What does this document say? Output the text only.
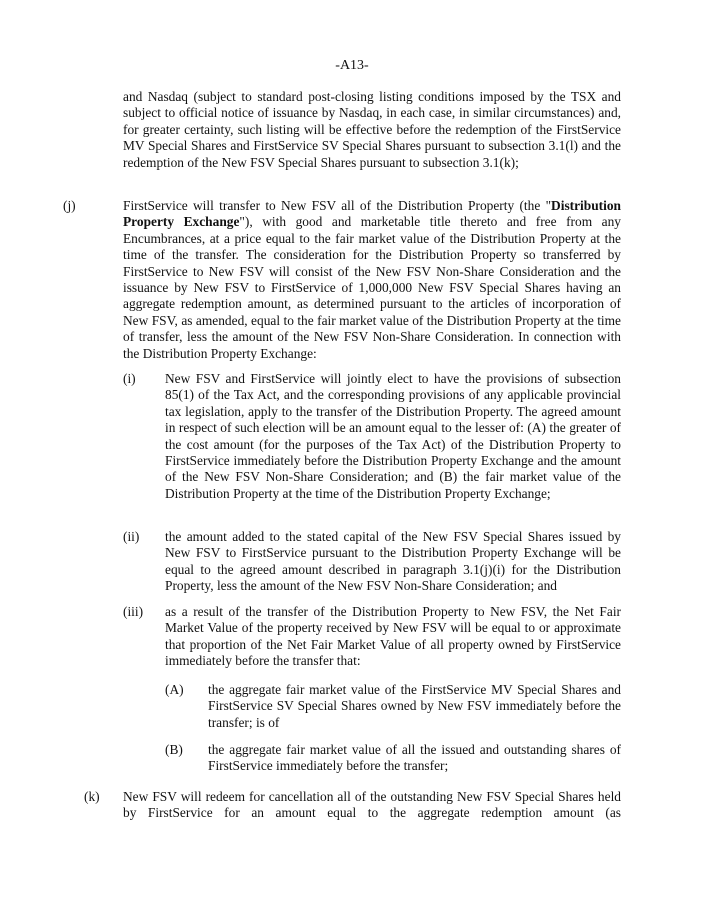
-A13-
and Nasdaq (subject to standard post-closing listing conditions imposed by the TSX and subject to official notice of issuance by Nasdaq, in each case, in similar circumstances) and, for greater certainty, such listing will be effective before the redemption of the FirstService MV Special Shares and FirstService SV Special Shares pursuant to subsection 3.1(l) and the redemption of the New FSV Special Shares pursuant to subsection 3.1(k);
(j)	FirstService will transfer to New FSV all of the Distribution Property (the "Distribution Property Exchange"), with good and marketable title thereto and free from any Encumbrances, at a price equal to the fair market value of the Distribution Property at the time of the transfer. The consideration for the Distribution Property so transferred by FirstService to New FSV will consist of the New FSV Non-Share Consideration and the issuance by New FSV to FirstService of 1,000,000 New FSV Special Shares having an aggregate redemption amount, as determined pursuant to the articles of incorporation of New FSV, as amended, equal to the fair market value of the Distribution Property at the time of transfer, less the amount of the New FSV Non-Share Consideration. In connection with the Distribution Property Exchange:
(i) New FSV and FirstService will jointly elect to have the provisions of subsection 85(1) of the Tax Act, and the corresponding provisions of any applicable provincial tax legislation, apply to the transfer of the Distribution Property. The agreed amount in respect of such election will be an amount equal to the lesser of: (A) the greater of the cost amount (for the purposes of the Tax Act) of the Distribution Property to FirstService immediately before the Distribution Property Exchange and the amount of the New FSV Non-Share Consideration; and (B) the fair market value of the Distribution Property at the time of the Distribution Property Exchange;
(ii) the amount added to the stated capital of the New FSV Special Shares issued by New FSV to FirstService pursuant to the Distribution Property Exchange will be equal to the agreed amount described in paragraph 3.1(j)(i) for the Distribution Property, less the amount of the New FSV Non-Share Consideration; and
(iii) as a result of the transfer of the Distribution Property to New FSV, the Net Fair Market Value of the property received by New FSV will be equal to or approximate that proportion of the Net Fair Market Value of all property owned by FirstService immediately before the transfer that:
(A) the aggregate fair market value of the FirstService MV Special Shares and FirstService SV Special Shares owned by New FSV immediately before the transfer; is of
(B) the aggregate fair market value of all the issued and outstanding shares of FirstService immediately before the transfer;
(k) New FSV will redeem for cancellation all of the outstanding New FSV Special Shares held by FirstService for an amount equal to the aggregate redemption amount (as
